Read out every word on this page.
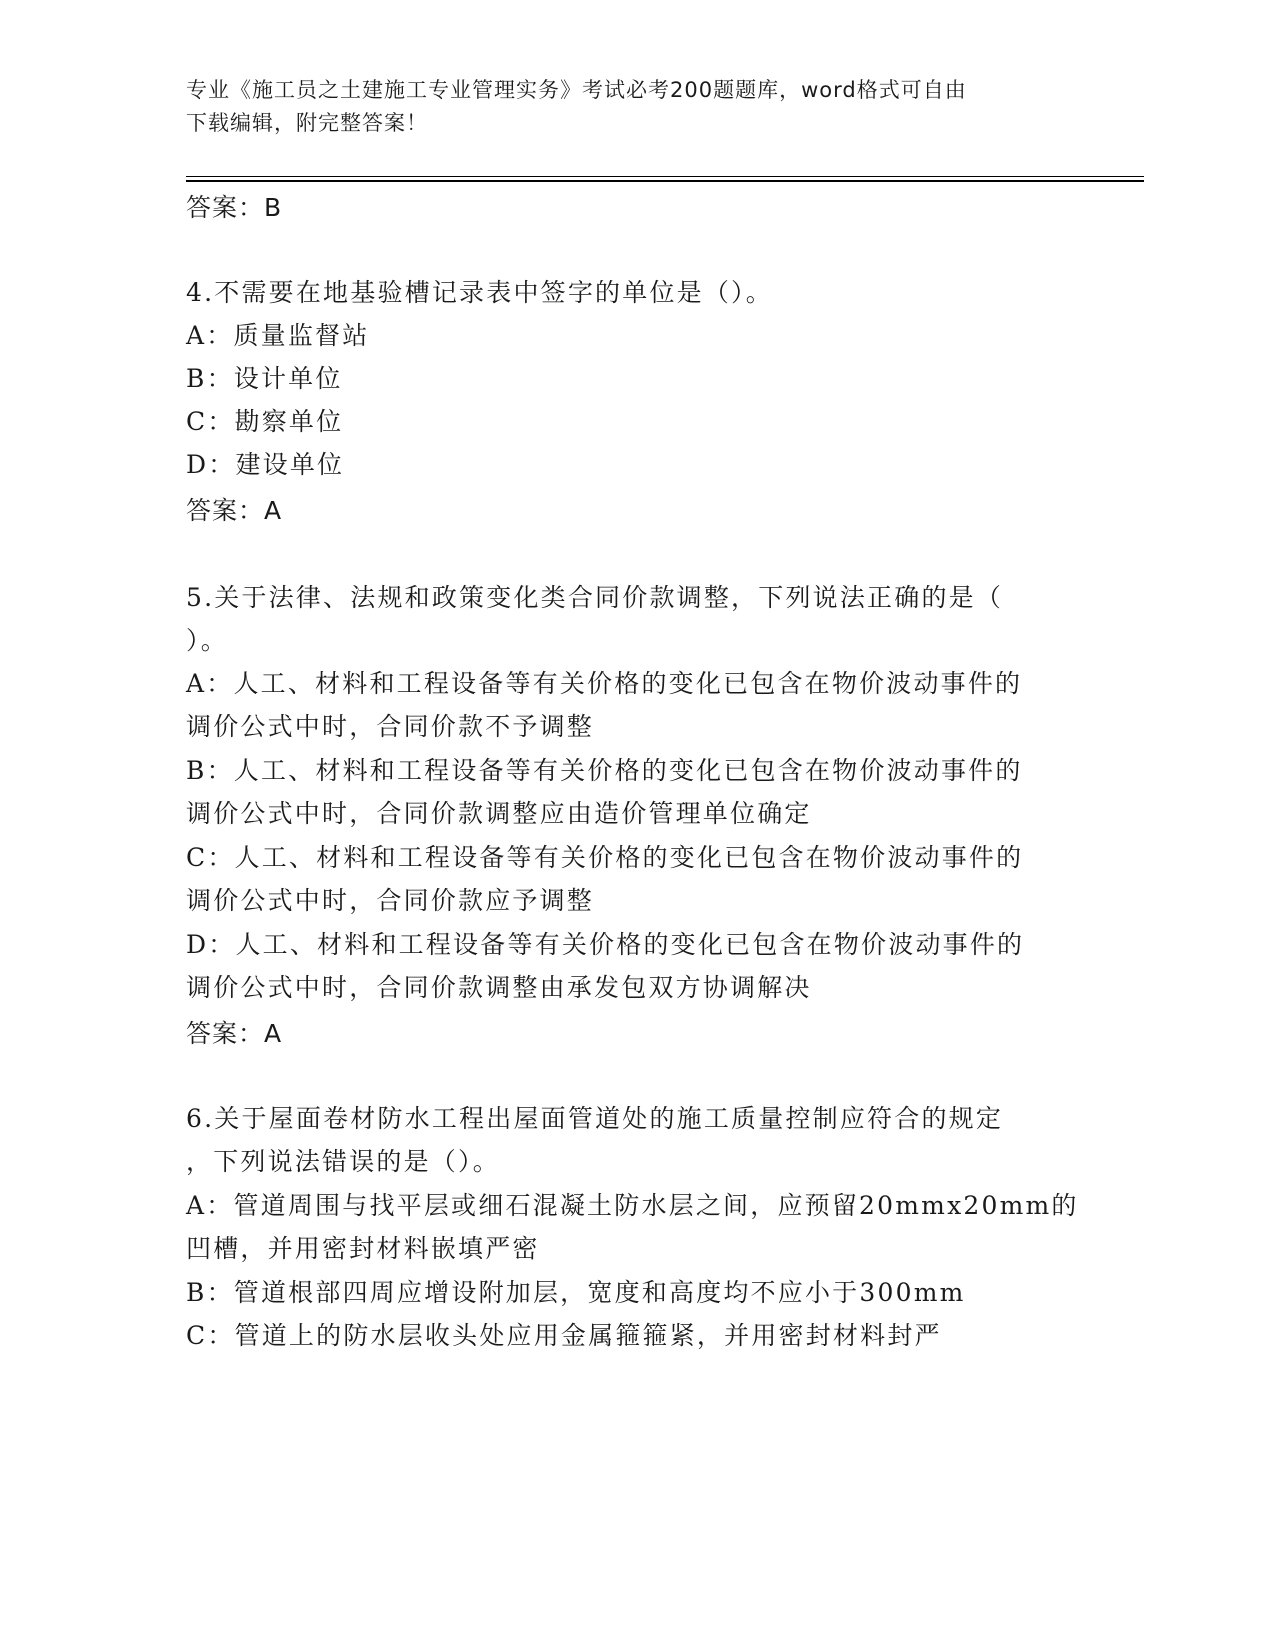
专业《施工员之土建施工专业管理实务》考试必考200题题库，word格式可自由
下载编辑，附完整答案！
答案：B
4.不需要在地基验槽记录表中签字的单位是（）。
A：质量监督站
B：设计单位
C：勘察单位
D：建设单位
答案：A
5.关于法律、法规和政策变化类合同价款调整，下列说法正确的是（
）。
A：人工、材料和工程设备等有关价格的变化已包含在物价波动事件的
调价公式中时，合同价款不予调整
B：人工、材料和工程设备等有关价格的变化已包含在物价波动事件的
调价公式中时，合同价款调整应由造价管理单位确定
C：人工、材料和工程设备等有关价格的变化已包含在物价波动事件的
调价公式中时，合同价款应予调整
D：人工、材料和工程设备等有关价格的变化已包含在物价波动事件的
调价公式中时，合同价款调整由承发包双方协调解决
答案：A
6.关于屋面卷材防水工程出屋面管道处的施工质量控制应符合的规定
，下列说法错误的是（）。
A：管道周围与找平层或细石混凝土防水层之间，应预留20mmx20mm的
凹槽，并用密封材料嵌填严密
B：管道根部四周应增设附加层，宽度和高度均不应小于300mm
C：管道上的防水层收头处应用金属箍箍紧，并用密封材料封严
